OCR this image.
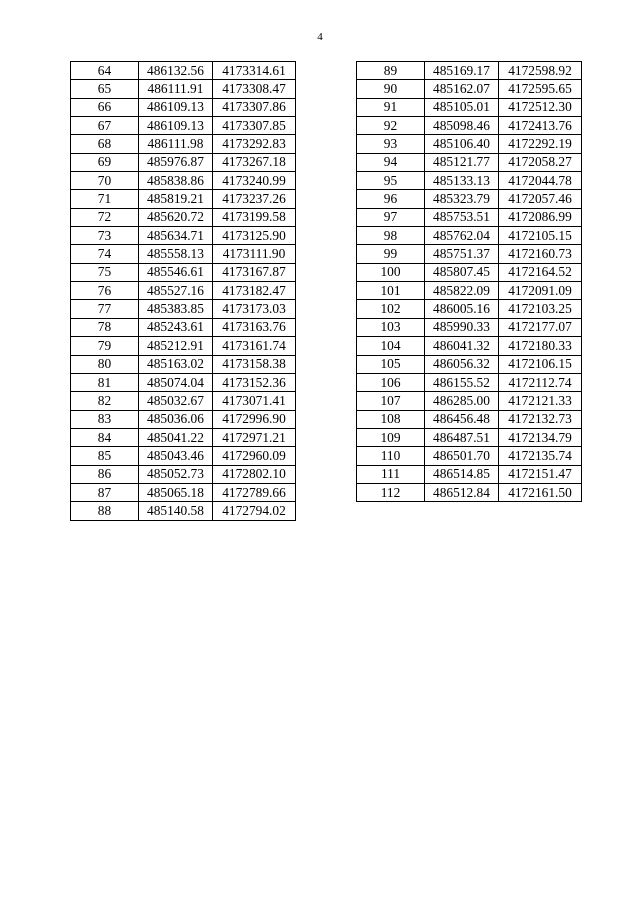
4
64	486132.56	4173314.61
65	486111.91	4173308.47
66	486109.13	4173307.86
67	486109.13	4173307.85
68	486111.98	4173292.83
69	485976.87	4173267.18
70	485838.86	4173240.99
71	485819.21	4173237.26
72	485620.72	4173199.58
73	485634.71	4173125.90
74	485558.13	4173111.90
75	485546.61	4173167.87
76	485527.16	4173182.47
77	485383.85	4173173.03
78	485243.61	4173163.76
79	485212.91	4173161.74
80	485163.02	4173158.38
81	485074.04	4173152.36
82	485032.67	4173071.41
83	485036.06	4172996.90
84	485041.22	4172971.21
85	485043.46	4172960.09
86	485052.73	4172802.10
87	485065.18	4172789.66
88	485140.58	4172794.02
89	485169.17	4172598.92
90	485162.07	4172595.65
91	485105.01	4172512.30
92	485098.46	4172413.76
93	485106.40	4172292.19
94	485121.77	4172058.27
95	485133.13	4172044.78
96	485323.79	4172057.46
97	485753.51	4172086.99
98	485762.04	4172105.15
99	485751.37	4172160.73
100	485807.45	4172164.52
101	485822.09	4172091.09
102	486005.16	4172103.25
103	485990.33	4172177.07
104	486041.32	4172180.33
105	486056.32	4172106.15
106	486155.52	4172112.74
107	486285.00	4172121.33
108	486456.48	4172132.73
109	486487.51	4172134.79
110	486501.70	4172135.74
111	486514.85	4172151.47
112	486512.84	4172161.50
